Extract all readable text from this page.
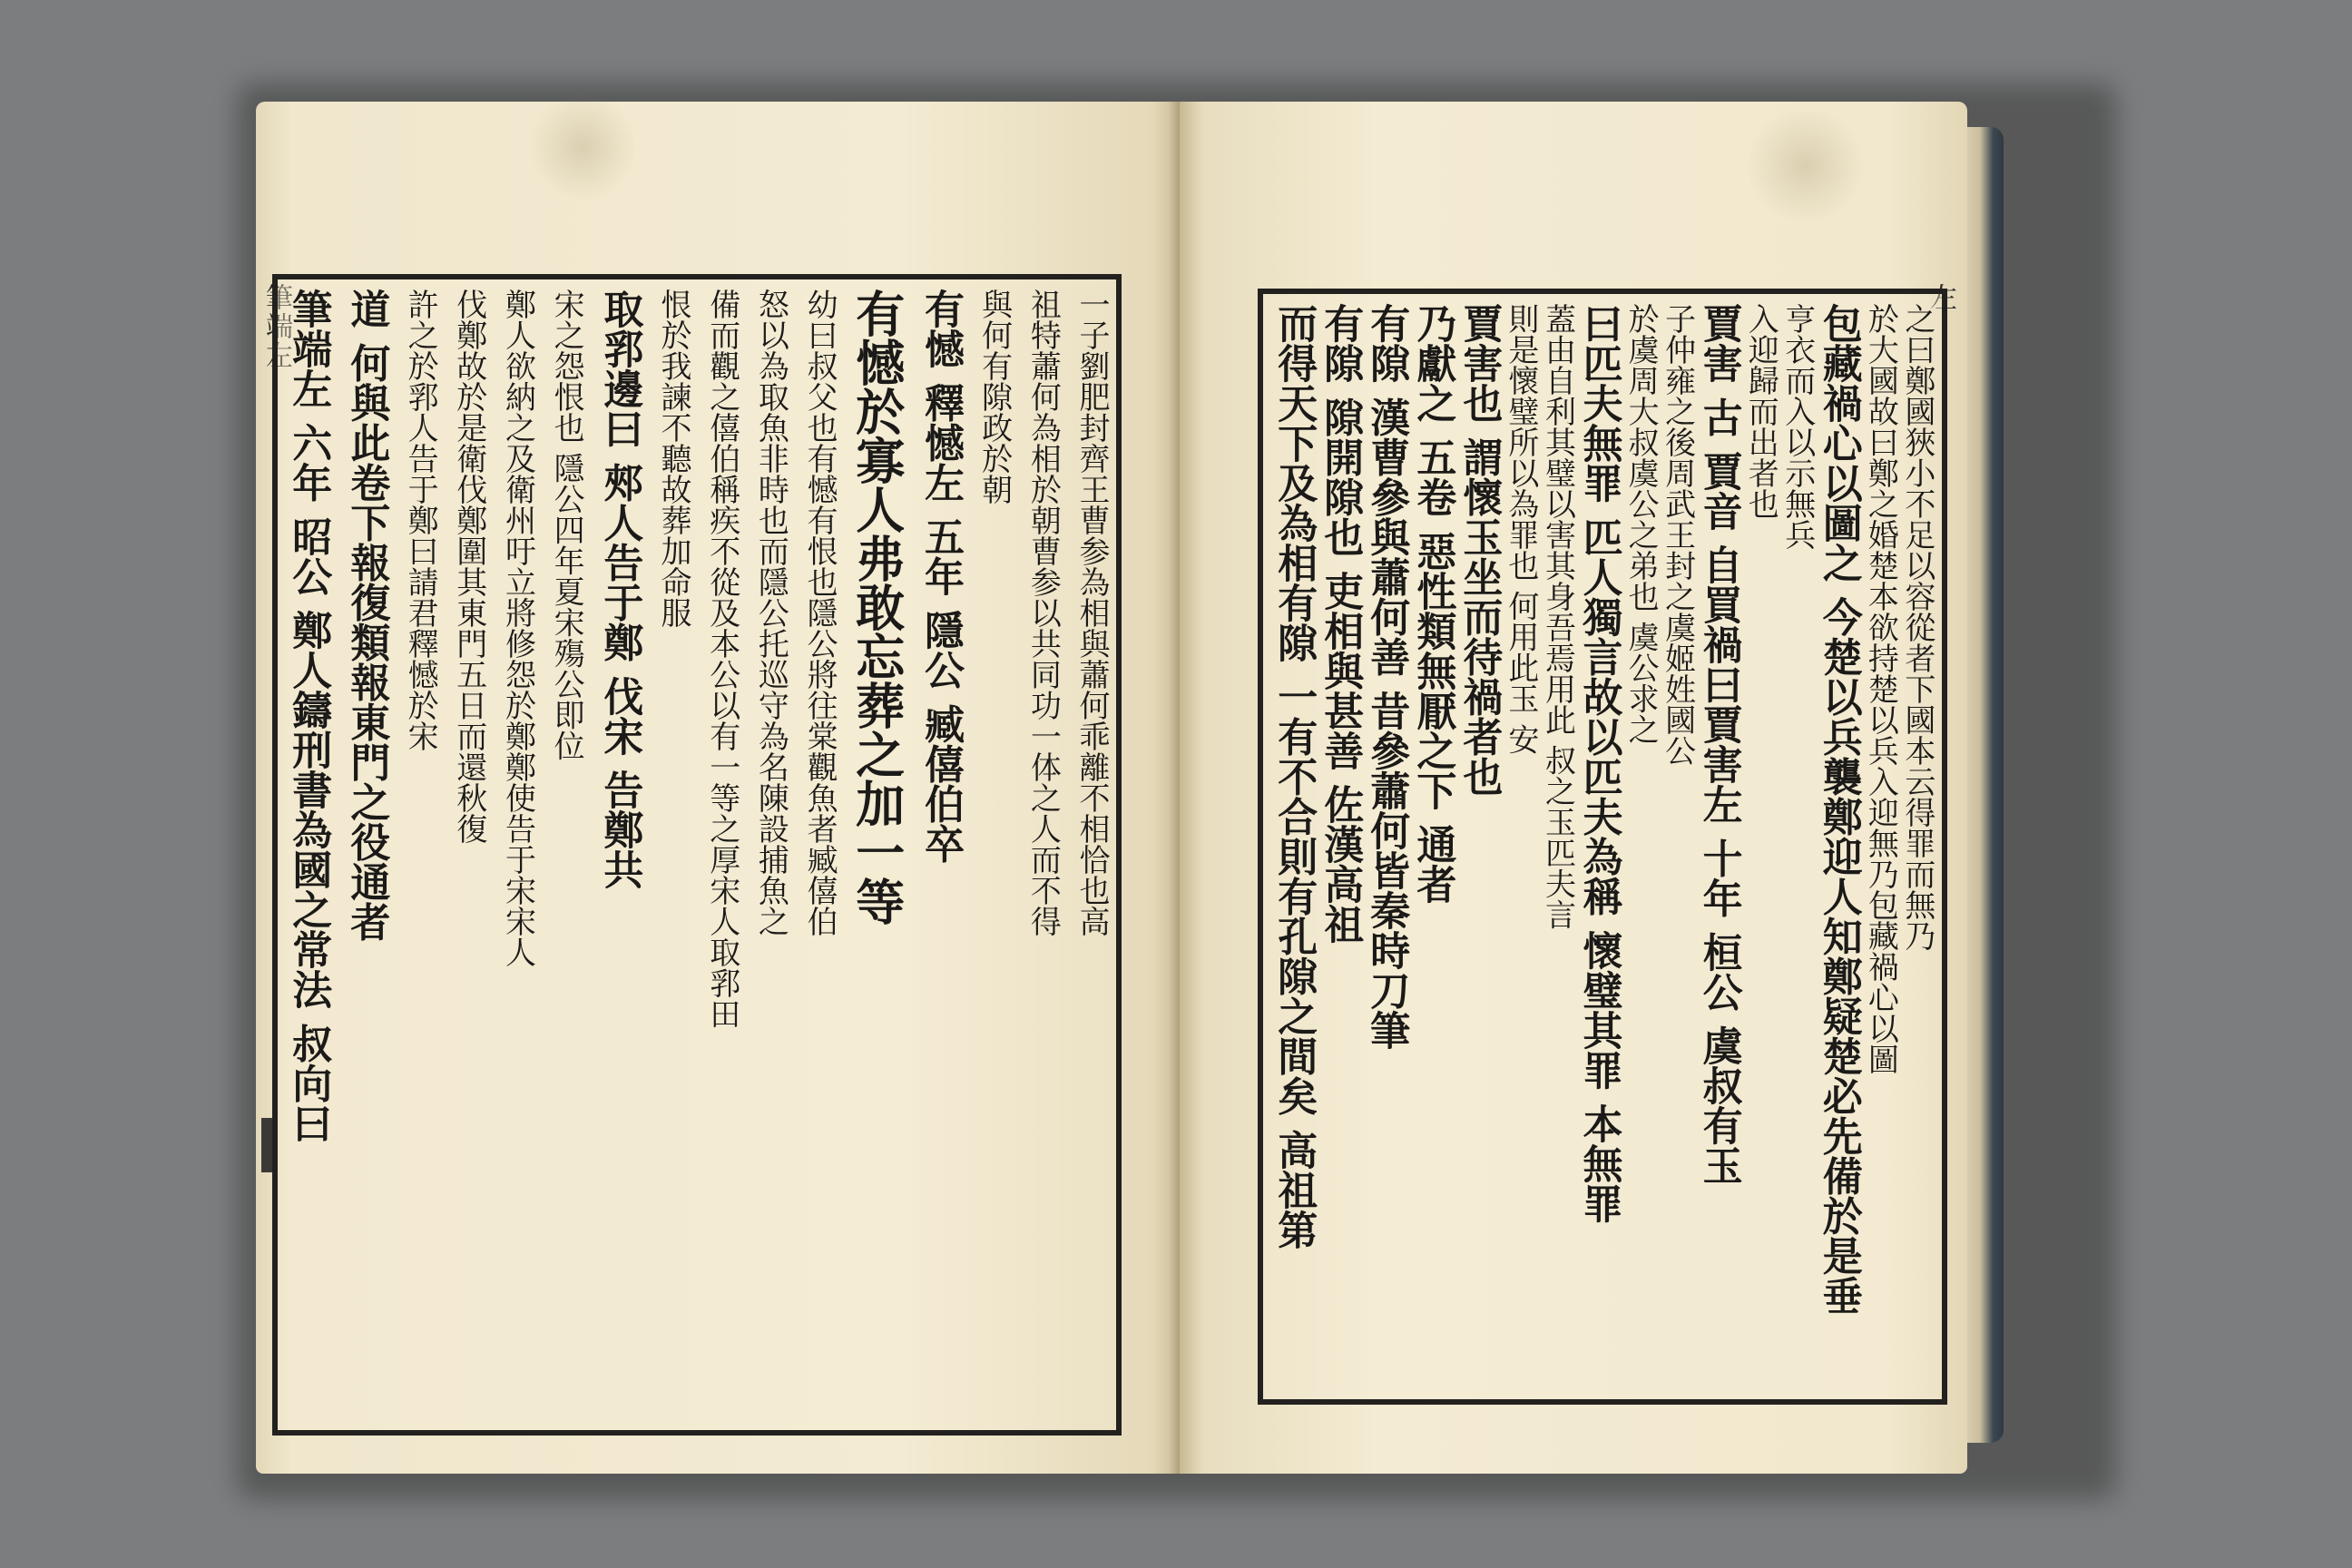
筆端左	一子劉肥封齊王曹参為相與蕭何乖離不相恰也高
祖特蕭何為相於朝曹参以共同功一体之人而不得
與何有隙政於朝
有憾 釋憾左 五年 隱公 臧僖伯卒
有憾於寡人弗敢忘葬之加一等
幼曰叔父也有憾有恨也隱公將往棠觀魚者臧僖伯
怒以為取魚非時也而隱公托巡守為名陳設捕魚之
備而觀之僖伯稱疾不從及本公以有一等之厚宋人取郛田
恨於我諫不聽故葬加命服
取郛邊曰 郟人告于鄭 伐宋 告鄭共
宋之怨恨也 隱公四年夏宋殤公即位
鄭人欲納之及衛州吁立將修怨於鄭鄭使告于宋宋人
伐鄭故於是衛伐鄭圍其東門五日而還秋復
許之於郛人告于鄭曰請君釋憾於宋
道 何與此卷下報復類報東門之役通者
筆端左 六年 昭公 鄭人鑄刑書為國之常法 叔向曰	左
之曰鄭國狹小不足以容從者下國本云得罪而無乃
於大國故曰鄭之婚楚本欲持楚以兵入迎無乃包藏禍心以圖
包藏禍心以圖之 今楚以兵襲鄭迎人知鄭疑楚必先備於是垂
亨衣而入以示無兵
入迎歸而出者也
賈害 古 賈音 自買禍曰賈害左 十年 桓公 虞叔有玉
子仲雍之後周武王封之虞姬姓國公
於虞周大叔虞公之弟也 虞公求之
曰匹夫無罪 匹人獨言故以匹夫為稱 懷璧其罪 本無罪
蓋由自利其璧以害其身吾焉用此 叔之玉匹夫言
則是懷璧所以為罪也 何用此玉 安
賈害也 謂懷玉坐而待禍者也
乃獻之 五卷 惡性類無厭之下 通者
有隙 漢曹參與蕭何善 昔參蕭何皆秦時刀筆
有隙 隙開隙也 吏相與甚善 佐漢高祖
而得天下及為相有隙 一有不合則有孔隙之間矣 高祖第
